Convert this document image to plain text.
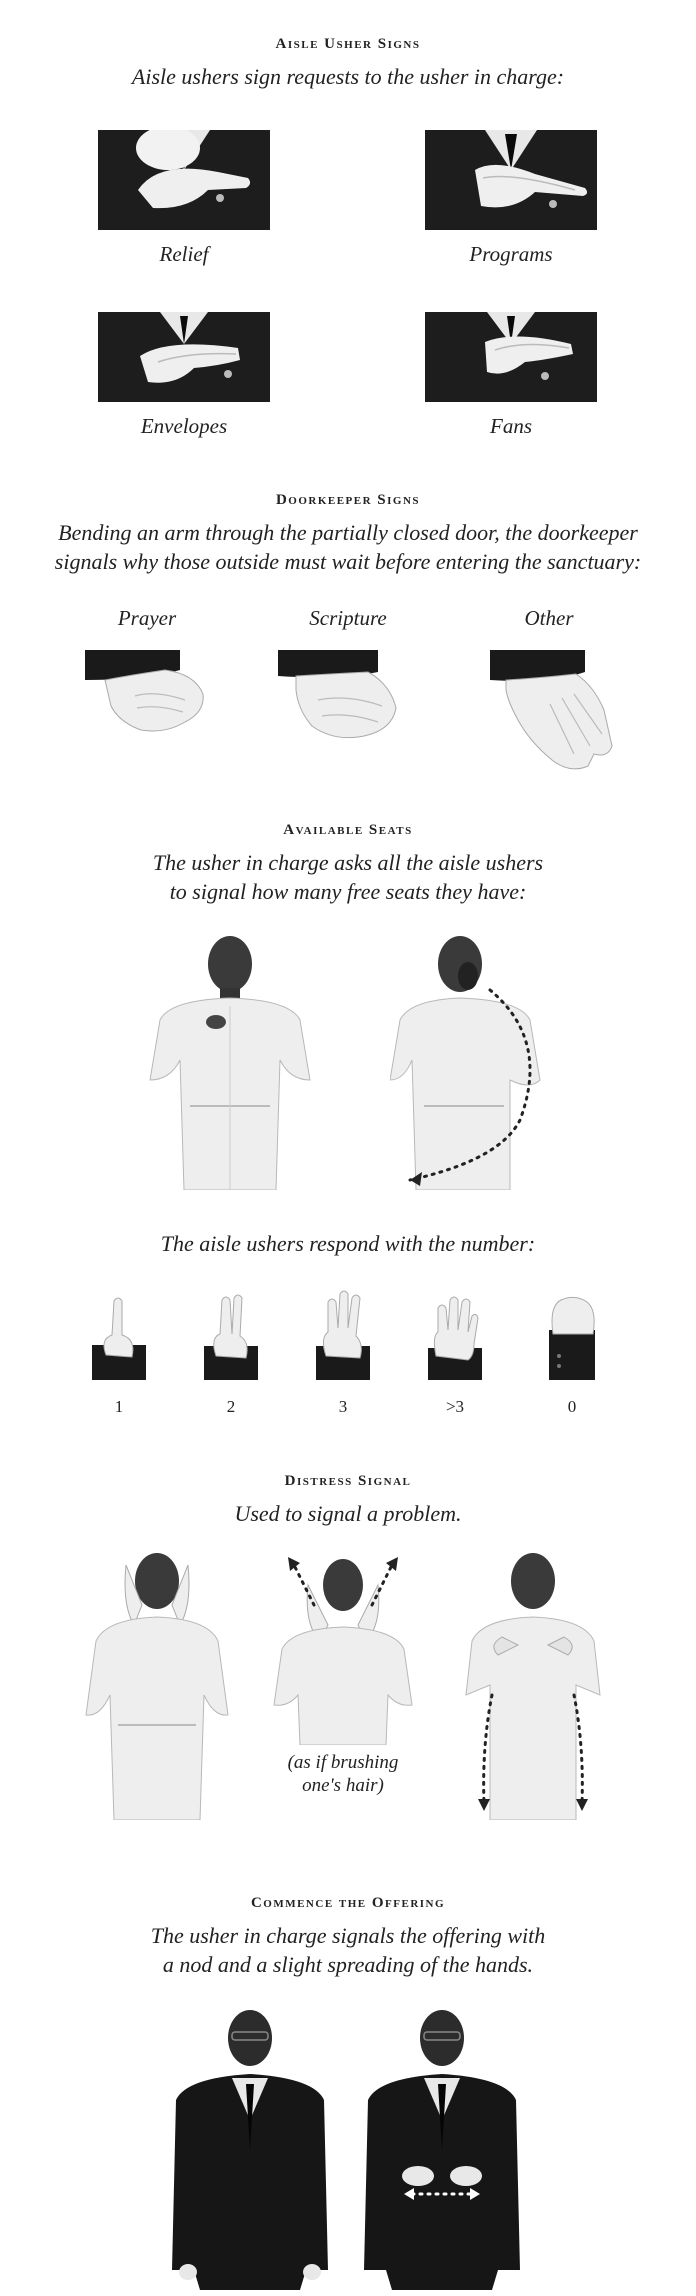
Aisle Usher Signs
Aisle ushers sign requests to the usher in charge:
Relief	Programs
Envelopes	Fans
Doorkeeper Signs
Bending an arm through the partially closed door, the doorkeeper
signals why those outside must wait before entering the sanctuary:
Prayer	Scripture	Other
Available Seats
The usher in charge asks all the aisle ushers
to signal how many free seats they have:
The aisle ushers respond with the number:
1	2	3	>3	0
Distress Signal
Used to signal a problem.
(as if brushing
one's hair)
Commence the Offering
The usher in charge signals the offering with
a nod and a slight spreading of the hands.
